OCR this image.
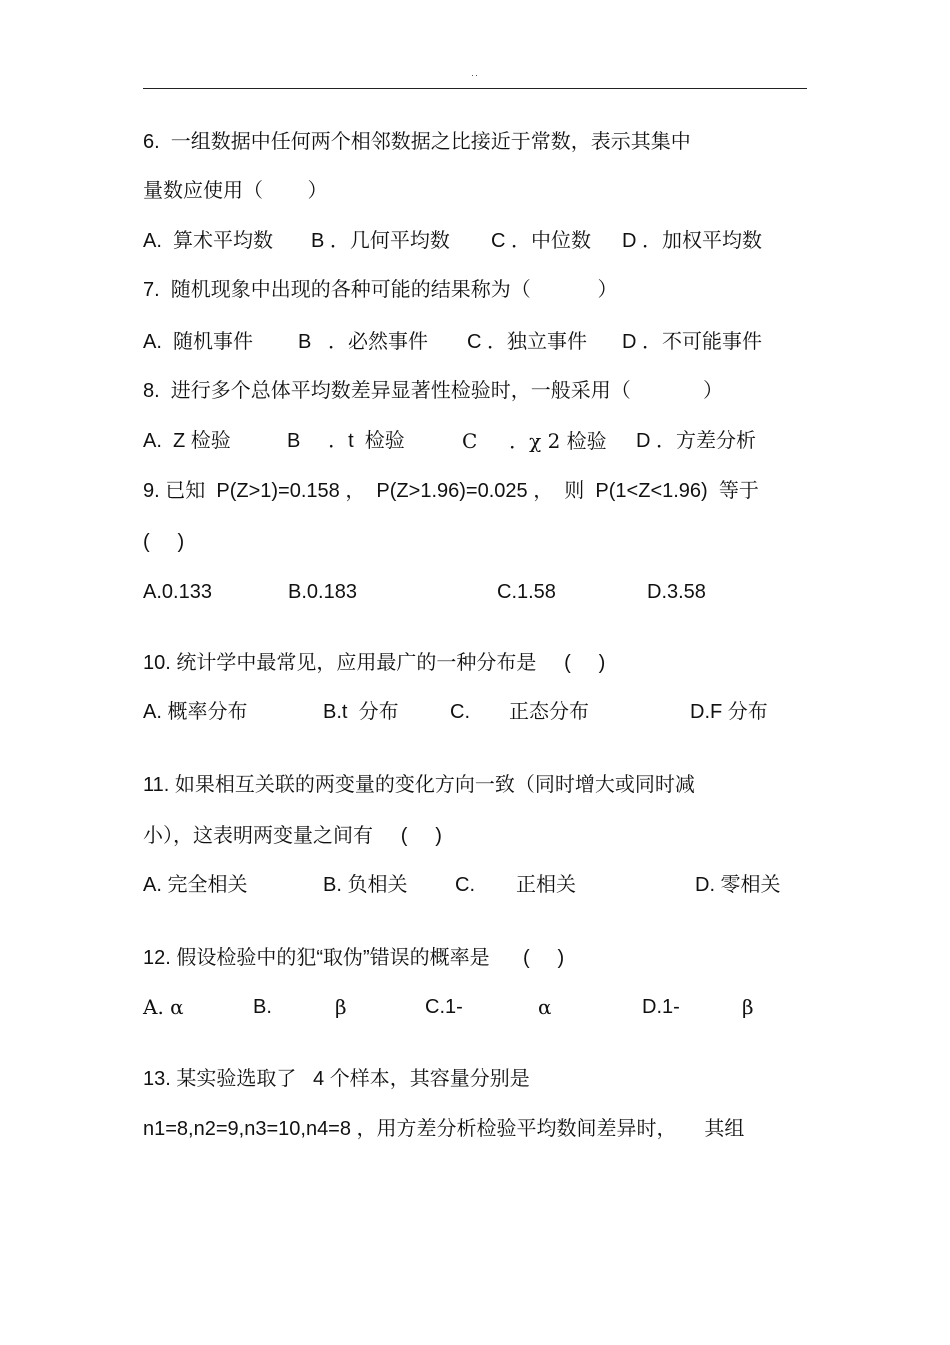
··
6.  一组数据中任何两个相邻数据之比接近于常数，表示其集中
量数应使用（        ）
A.  算术平均数 B ．几何平均数 C ．中位数 D ．加权平均数
7.  随机现象中出现的各种可能的结果称为（            ）
A.  随机事件 B   ．必然事件 C ．独立事件 D ．不可能事件
8.  进行多个总体平均数差异显著性检验时，一般采用（             ）
A.  Z 检验	B     ．t  检验	C     ．χ 2 检验 D ．方差分析
9. 已知  P(Z>1)=0.158 ，  P(Z>1.96)=0.025 ，  则  P(1<Z<1.96)  等于
(     )
A.0.133	B.0.183	C.1.58	D.3.58
10. 统计学中最常见，应用最广的一种分布是     (     )
A. 概率分布	B.t  分布	C. 正态分布	D.F 分布
11. 如果相互关联的两变量的变化方向一致（同时增大或同时减
小），这表明两变量之间有     (     )
A. 完全相关	B. 负相关 C. 正相关	D. 零相关
12. 假设检验中的犯“取伪”错误的概率是      (     )
A. α	B.	β	C.1-	α	D.1-	β
13. 某实验选取了   4 个样本，其容量分别是
n1=8,n2=9,n3=10,n4=8 ，用方差分析检验平均数间差异时，     其组
